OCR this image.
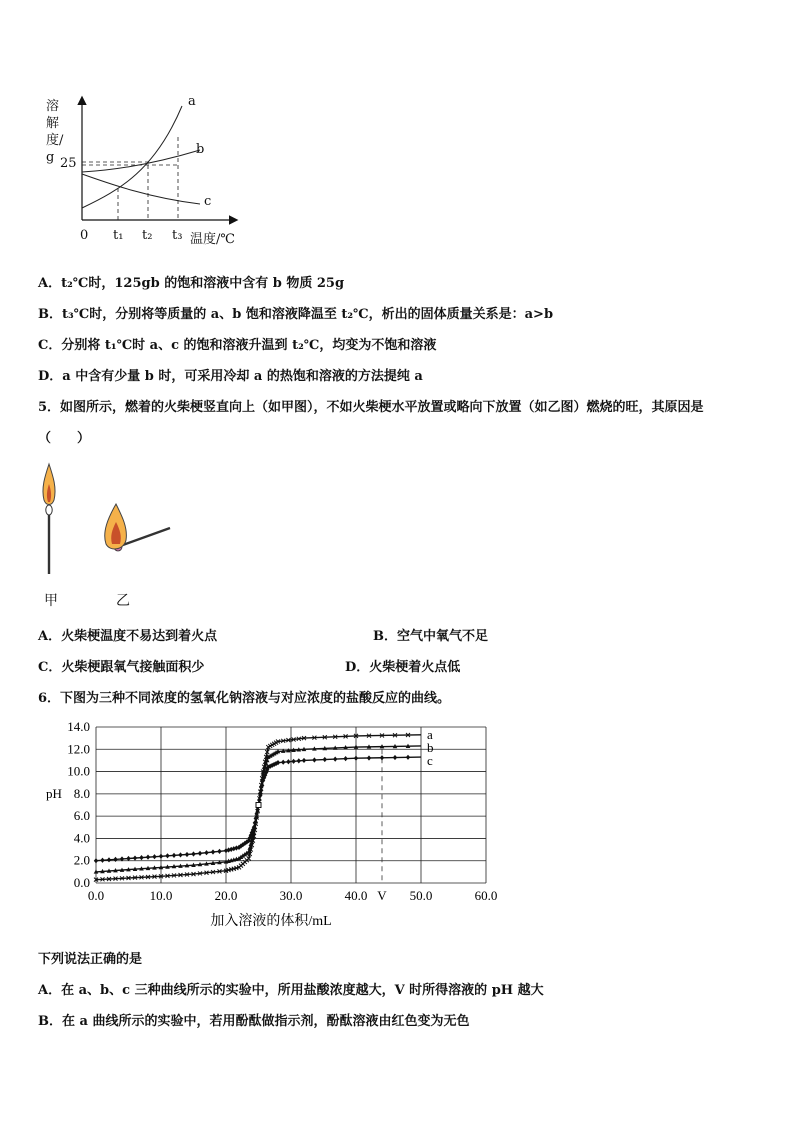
溶解度/g 25
0 t₁ t₂ t₃ 温度/℃
a
b
c
A．t₂℃时，125gb 的饱和溶液中含有 b 物质 25g
B．t₃℃时，分别将等质量的 a、b 饱和溶液降温至 t₂℃，析出的固体质量关系是：a>b
C．分别将 t₁℃时 a、c 的饱和溶液升温到 t₂℃，均变为不饱和溶液
D．a 中含有少量 b 时，可采用冷却 a 的热饱和溶液的方法提纯 a
5．如图所示，燃着的火柴梗竖直向上（如甲图），不如火柴梗水平放置或略向下放置（如乙图）燃烧的旺，其原因是
（　　）
甲	乙
A．火柴梗温度不易达到着火点	B．空气中氧气不足
C．火柴梗跟氧气接触面积少	D．火柴梗着火点低
6．下图为三种不同浓度的氢氧化钠溶液与对应浓度的盐酸反应的曲线。
0.0
2.0
4.0
6.0
8.0
10.0
12.0
14.0
0.0	10.0	20.0	30.0	40.0	50.0	60.0
V
pH
加入溶液的体积/mL
a
b
c
下列说法正确的是
A．在 a、b、c 三种曲线所示的实验中，所用盐酸浓度越大，V 时所得溶液的 pH 越大
B．在 a 曲线所示的实验中，若用酚酞做指示剂，酚酞溶液由红色变为无色
